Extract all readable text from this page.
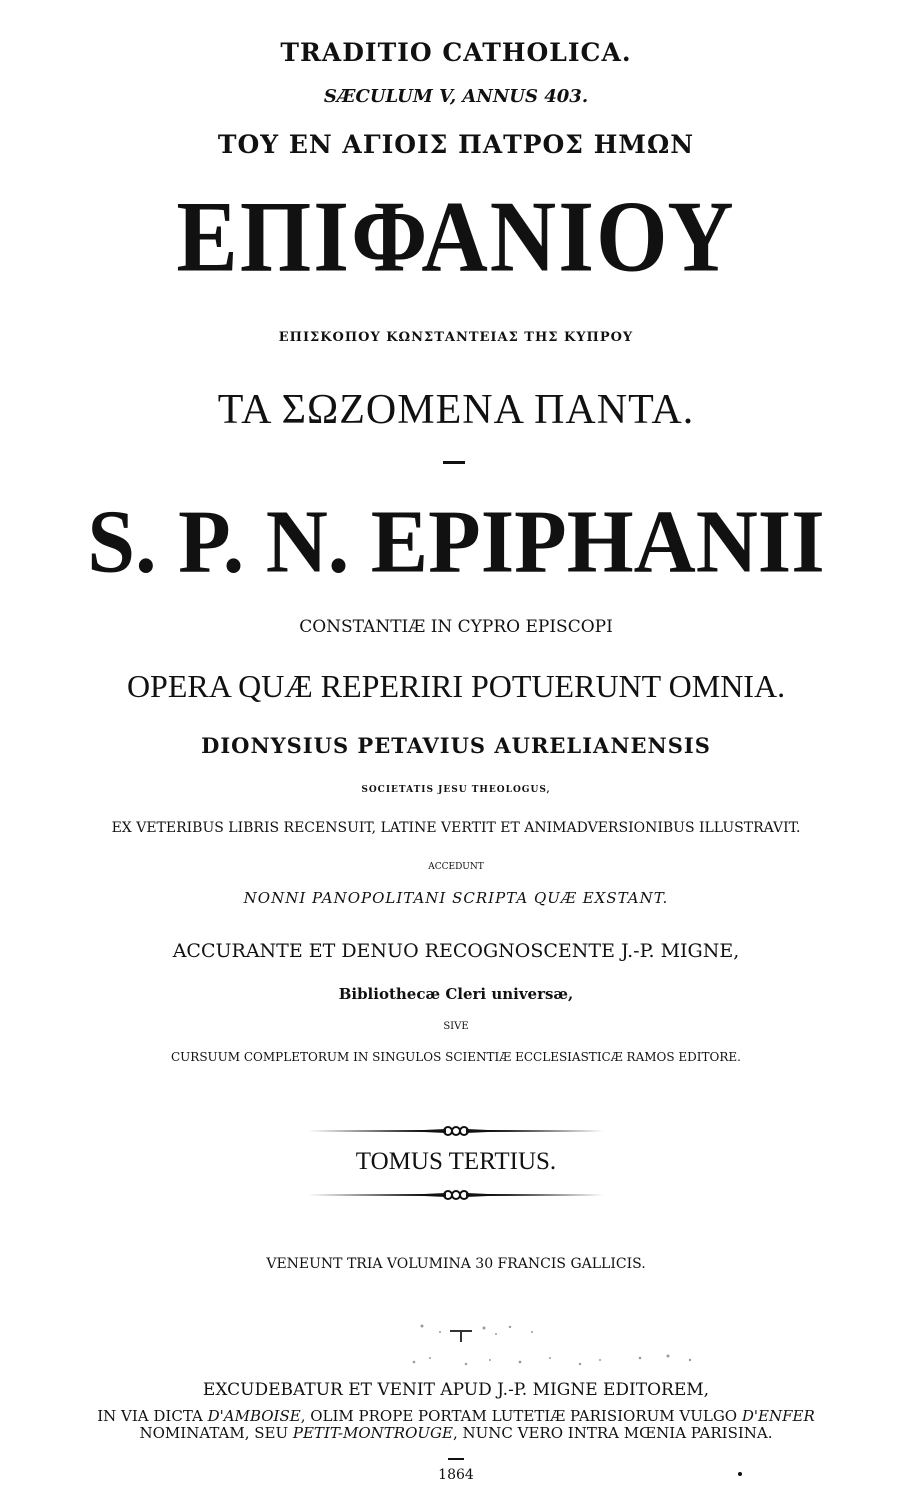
TRADITIO CATHOLICA.
SÆCULUM V, ANNUS 403.
ΤΟΥ ΕΝ ΑΓΙΟΙΣ ΠΑΤΡΟΣ ΗΜΩΝ
ΕΠΙΦΑΝΙΟΥ
ΕΠΙΣΚΟΠΟΥ ΚΩΝΣΤΑΝΤΕΙΑΣ ΤΗΣ ΚΥΠΡΟΥ
ΤΑ ΣΩΖΟΜΕΝΑ ΠΑΝΤΑ.
S. P. N. EPIPHANII
CONSTANTIÆ IN CYPRO EPISCOPI
OPERA QUÆ REPERIRI POTUERUNT OMNIA.
DIONYSIUS PETAVIUS AURELIANENSIS
SOCIETATIS JESU THEOLOGUS,
EX VETERIBUS LIBRIS RECENSUIT, LATINE VERTIT ET ANIMADVERSIONIBUS ILLUSTRAVIT.
ACCEDUNT
NONNI PANOPOLITANI SCRIPTA QUÆ EXSTANT.
ACCURANTE ET DENUO RECOGNOSCENTE J.-P. MIGNE,
Bibliothecæ Cleri universæ,
SIVE
CURSUUM COMPLETORUM IN SINGULOS SCIENTIÆ ECCLESIASTICÆ RAMOS EDITORE.
TOMUS TERTIUS.
VENEUNT TRIA VOLUMINA 30 FRANCIS GALLICIS.
EXCUDEBATUR ET VENIT APUD J.-P. MIGNE EDITOREM,
IN VIA DICTA D'AMBOISE, OLIM PROPE PORTAM LUTETIÆ PARISIORUM VULGO D'ENFER
NOMINATAM, SEU PETIT-MONTROUGE, NUNC VERO INTRA MŒNIA PARISINA.
1864
